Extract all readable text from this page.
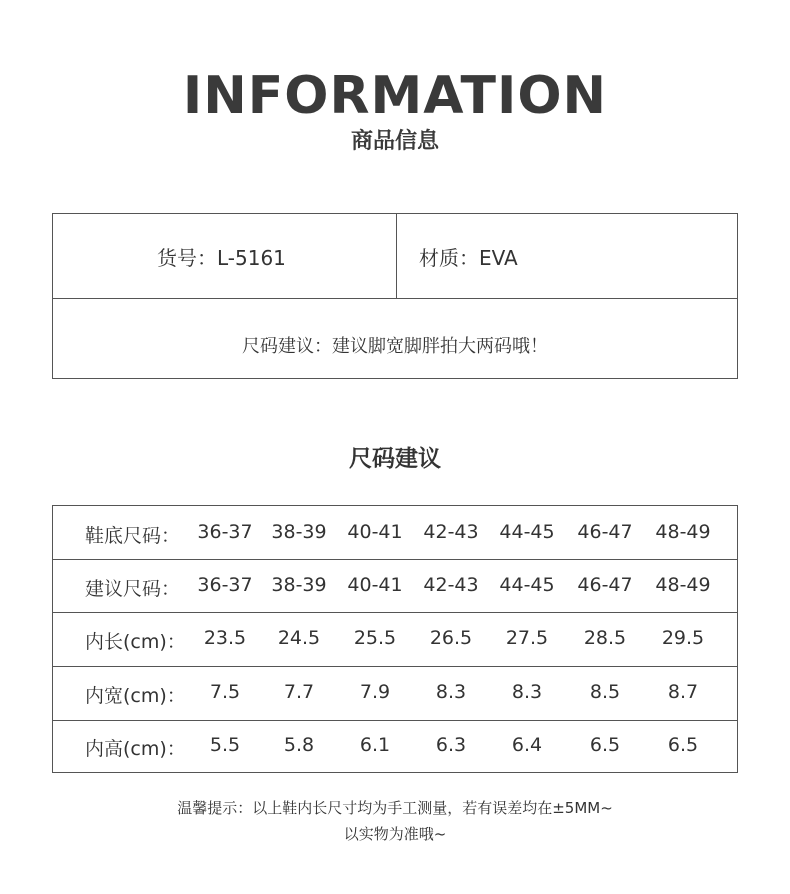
INFORMATION
商品信息
货号：L-5161	材质：EVA
尺码建议：建议脚宽脚胖拍大两码哦！
尺码建议
鞋底尺码： 36-37 38-39	40-41	42-43	44-45	46-47	48-49
建议尺码： 36-37 38-39	40-41	42-43	44-45	46-47	48-49
内长(cm)： 23.5	24.5	25.5	26.5	27.5	28.5	29.5
内宽(cm)：	7.5	7.7	7.9	8.3	8.3	8.5	8.7
内高(cm)：	5.5	5.8	6.1	6.3	6.4	6.5	6.5
温馨提示：以上鞋内长尺寸均为手工测量，若有误差均在±5MM~
以实物为准哦~
